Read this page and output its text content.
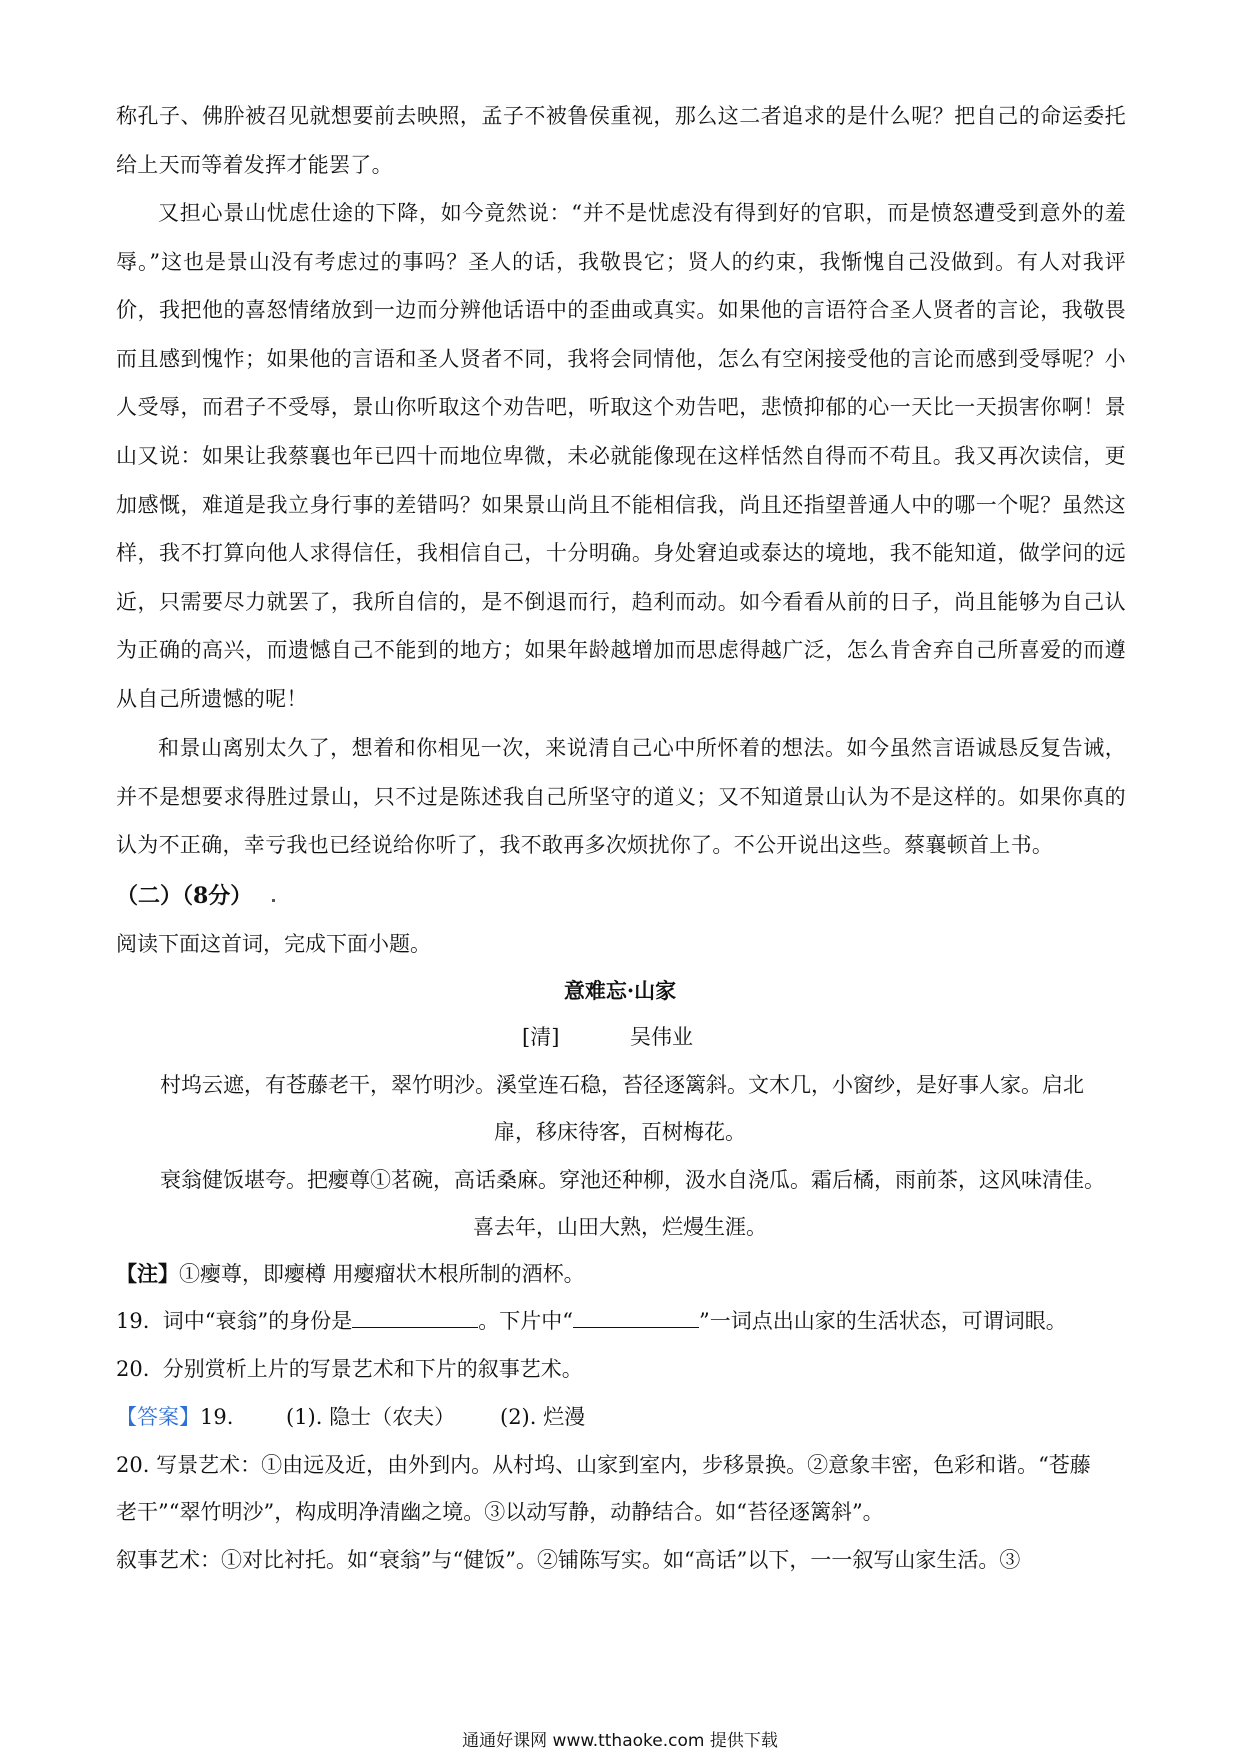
称孔子、佛肸被召见就想要前去映照，孟子不被鲁侯重视，那么这二者追求的是什么呢？把自己的命运委托给上天而等着发挥才能罢了。
又担心景山忧虑仕途的下降，如今竟然说：“并不是忧虑没有得到好的官职，而是愤怒遭受到意外的羞辱。”这也是景山没有考虑过的事吗？圣人的话，我敬畏它；贤人的约束，我惭愧自己没做到。有人对我评价，我把他的喜怒情绪放到一边而分辨他话语中的歪曲或真实。如果他的言语符合圣人贤者的言论，我敬畏而且感到愧怍；如果他的言语和圣人贤者不同，我将会同情他，怎么有空闲接受他的言论而感到受辱呢？小人受辱，而君子不受辱，景山你听取这个劝告吧，听取这个劝告吧，悲愤抑郁的心一天比一天损害你啊！景山又说：如果让我蔡襄也年已四十而地位卑微，未必就能像现在这样恬然自得而不苟且。我又再次读信，更加感慨，难道是我立身行事的差错吗？如果景山尚且不能相信我，尚且还指望普通人中的哪一个呢？虽然这样，我不打算向他人求得信任，我相信自己，十分明确。身处窘迫或泰达的境地，我不能知道，做学问的远近，只需要尽力就罢了，我所自信的，是不倒退而行，趋利而动。如今看看从前的日子，尚且能够为自己认为正确的高兴，而遗憾自己不能到的地方；如果年龄越增加而思虑得越广泛，怎么肯舍弃自己所喜爱的而遵从自己所遗憾的呢！
和景山离别太久了，想着和你相见一次，来说清自己心中所怀着的想法。如今虽然言语诚恳反复告诫，并不是想要求得胜过景山，只不过是陈述我自己所坚守的道义；又不知道景山认为不是这样的。如果你真的认为不正确，幸亏我也已经说给你听了，我不敢再多次烦扰你了。不公开说出这些。蔡襄顿首上书。
（二）（8分）
阅读下面这首词，完成下面小题。
意难忘·山家
[清]	吴伟业
村坞云遮，有苍藤老干，翠竹明沙。溪堂连石稳，苔径逐篱斜。文木几，小窗纱，是好事人家。启北
扉，移床待客，百树梅花。
衰翁健饭堪夸。把瘿尊①茗碗，高话桑麻。穿池还种柳，汲水自浇瓜。霜后橘，雨前茶，这风味清佳。
喜去年，山田大熟，烂熳生涯。
【注】①瘿尊，即瘿樽 用瘿瘤状木根所制的酒杯。
19. 词中“衰翁”的身份是	。下片中“	”一词点出山家的生活状态，可谓词眼。
20. 分别赏析上片的写景艺术和下片的叙事艺术。
【答案】19.	(1). 隐士（农夫） (2). 烂漫
20. 写景艺术：①由远及近，由外到内。从村坞、山家到室内，步移景换。②意象丰密，色彩和谐。“苍藤
老干”“翠竹明沙”，构成明净清幽之境。③以动写静，动静结合。如“苔径逐篱斜”。
叙事艺术：①对比衬托。如“衰翁”与“健饭”。②铺陈写实。如“高话”以下，一一叙写山家生活。③
通通好课网 www.tthaoke.com 提供下载
